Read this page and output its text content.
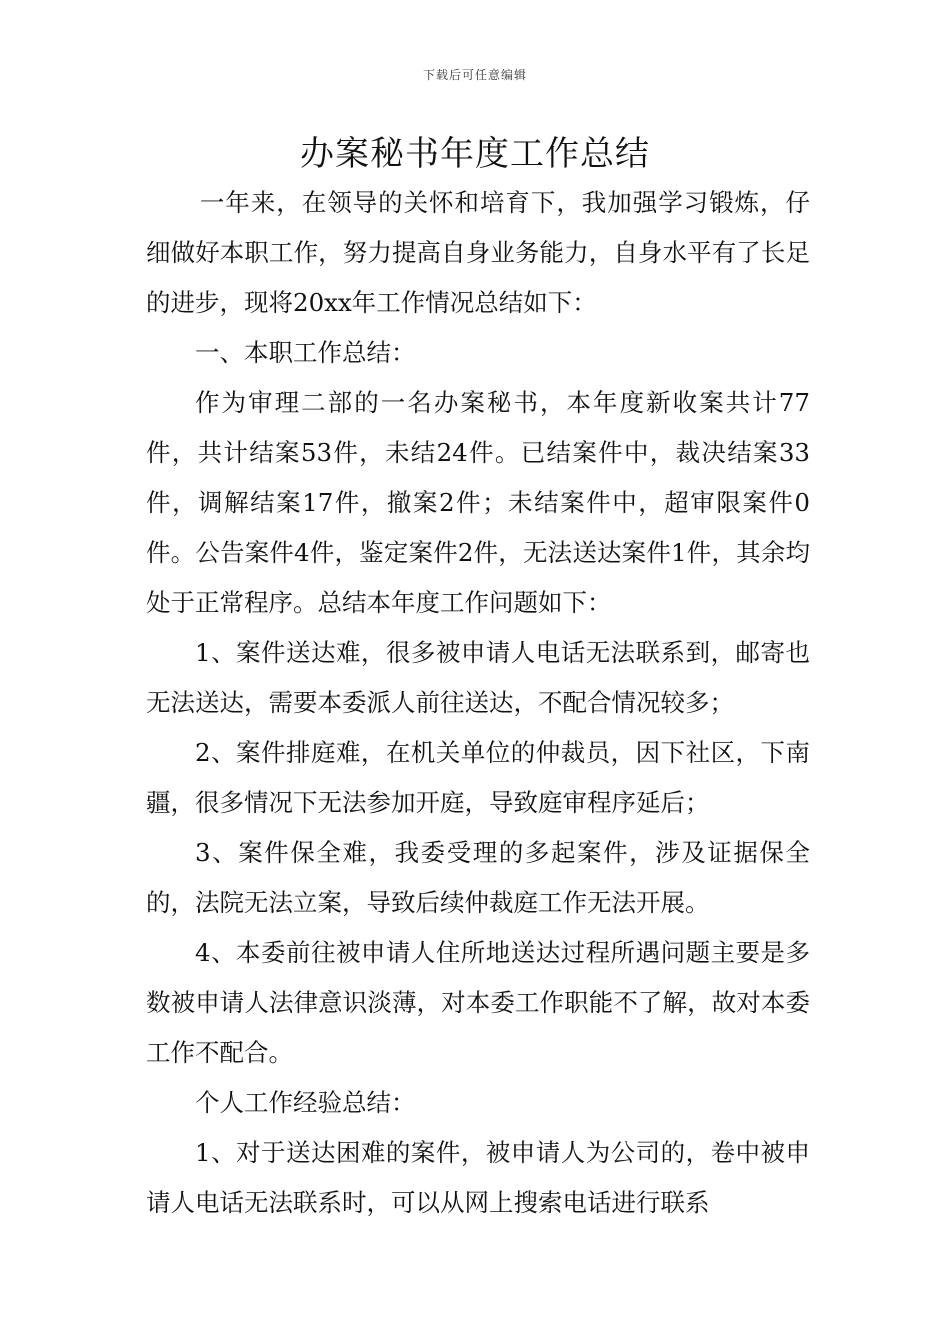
下载后可任意编辑
办案秘书年度工作总结

一年来，在领导的关怀和培育下，我加强学习锻炼，仔细做好本职工作，努力提高自身业务能力，自身水平有了长足的进步，现将20xx年工作情况总结如下：

一、本职工作总结：

作为审理二部的一名办案秘书，本年度新收案共计77件，共计结案53件，未结24件。已结案件中，裁决结案33件，调解结案17件，撤案2件；未结案件中，超审限案件0件。公告案件4件，鉴定案件2件，无法送达案件1件，其余均处于正常程序。总结本年度工作问题如下：

1、案件送达难，很多被申请人电话无法联系到，邮寄也无法送达，需要本委派人前往送达，不配合情况较多；

2、案件排庭难，在机关单位的仲裁员，因下社区，下南疆，很多情况下无法参加开庭，导致庭审程序延后；

3、案件保全难，我委受理的多起案件，涉及证据保全的，法院无法立案，导致后续仲裁庭工作无法开展。

4、本委前往被申请人住所地送达过程所遇问题主要是多数被申请人法律意识淡薄，对本委工作职能不了解，故对本委工作不配合。

个人工作经验总结：

1、对于送达困难的案件，被申请人为公司的，卷中被申请人电话无法联系时，可以从网上搜索电话进行联系
